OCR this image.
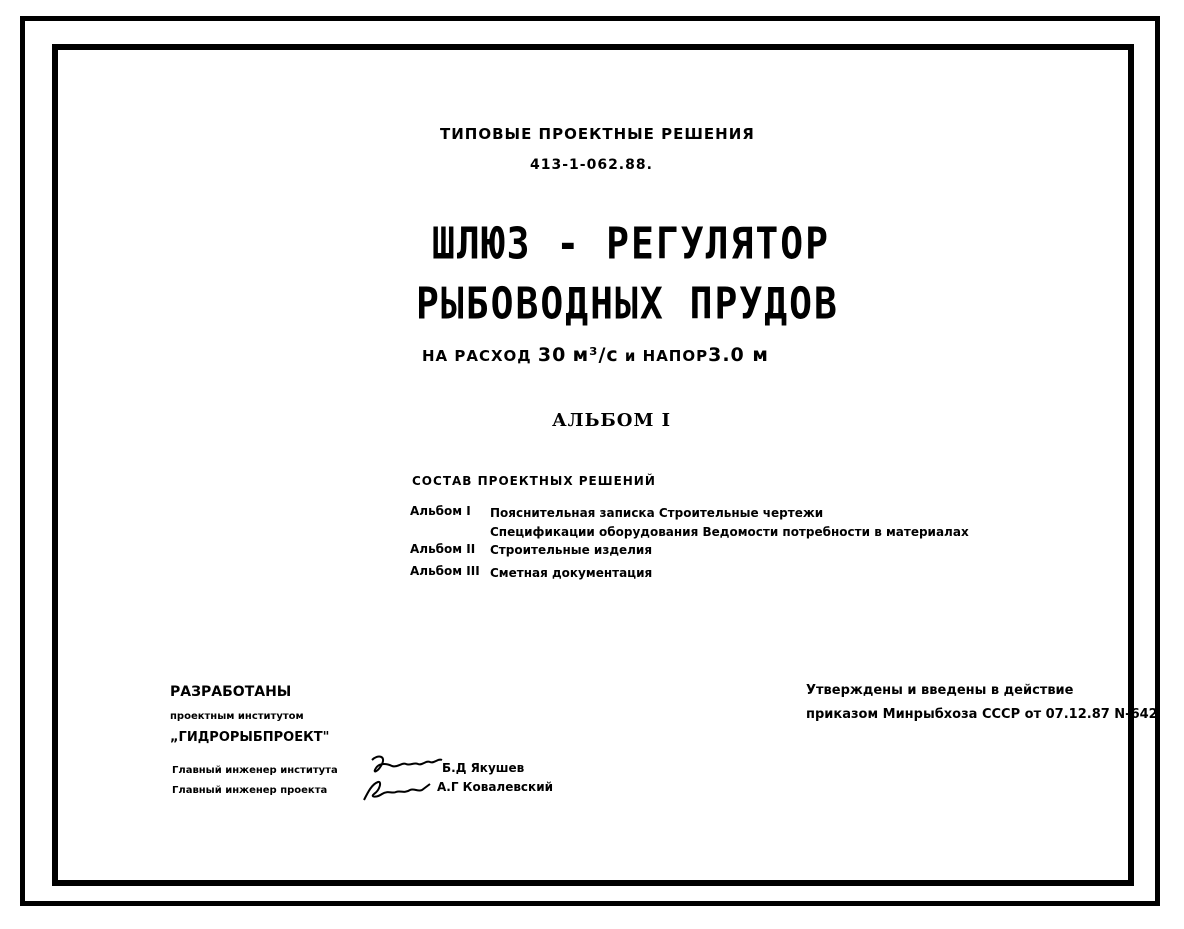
ТИПОВЫЕ ПРОЕКТНЫЕ РЕШЕНИЯ
413-1-062.88.
ШЛЮЗ - РЕГУЛЯТОР
РЫБОВОДНЫХ ПРУДОВ
НА РАСХОД 30 м³/с и НАПОР3.0 м
АЛЬБОМ I
СОСТАВ ПРОЕКТНЫХ РЕШЕНИЙ
Альбом I Пояснительная записка Строительные чертежи
Спецификации оборудования Ведомости потребности в материалах
Альбом II Строительные изделия
Альбом III Сметная документация
РАЗРАБОТАНЫ
проектным институтом
„ГИДРОРЫБПРОЕКТ"
Главный инженер института
Главный инженер проекта
Б.Д Якушев
А.Г Ковалевский
Утверждены и введены в действие
приказом Минрыбхоза СССР от 07.12.87 N-642
